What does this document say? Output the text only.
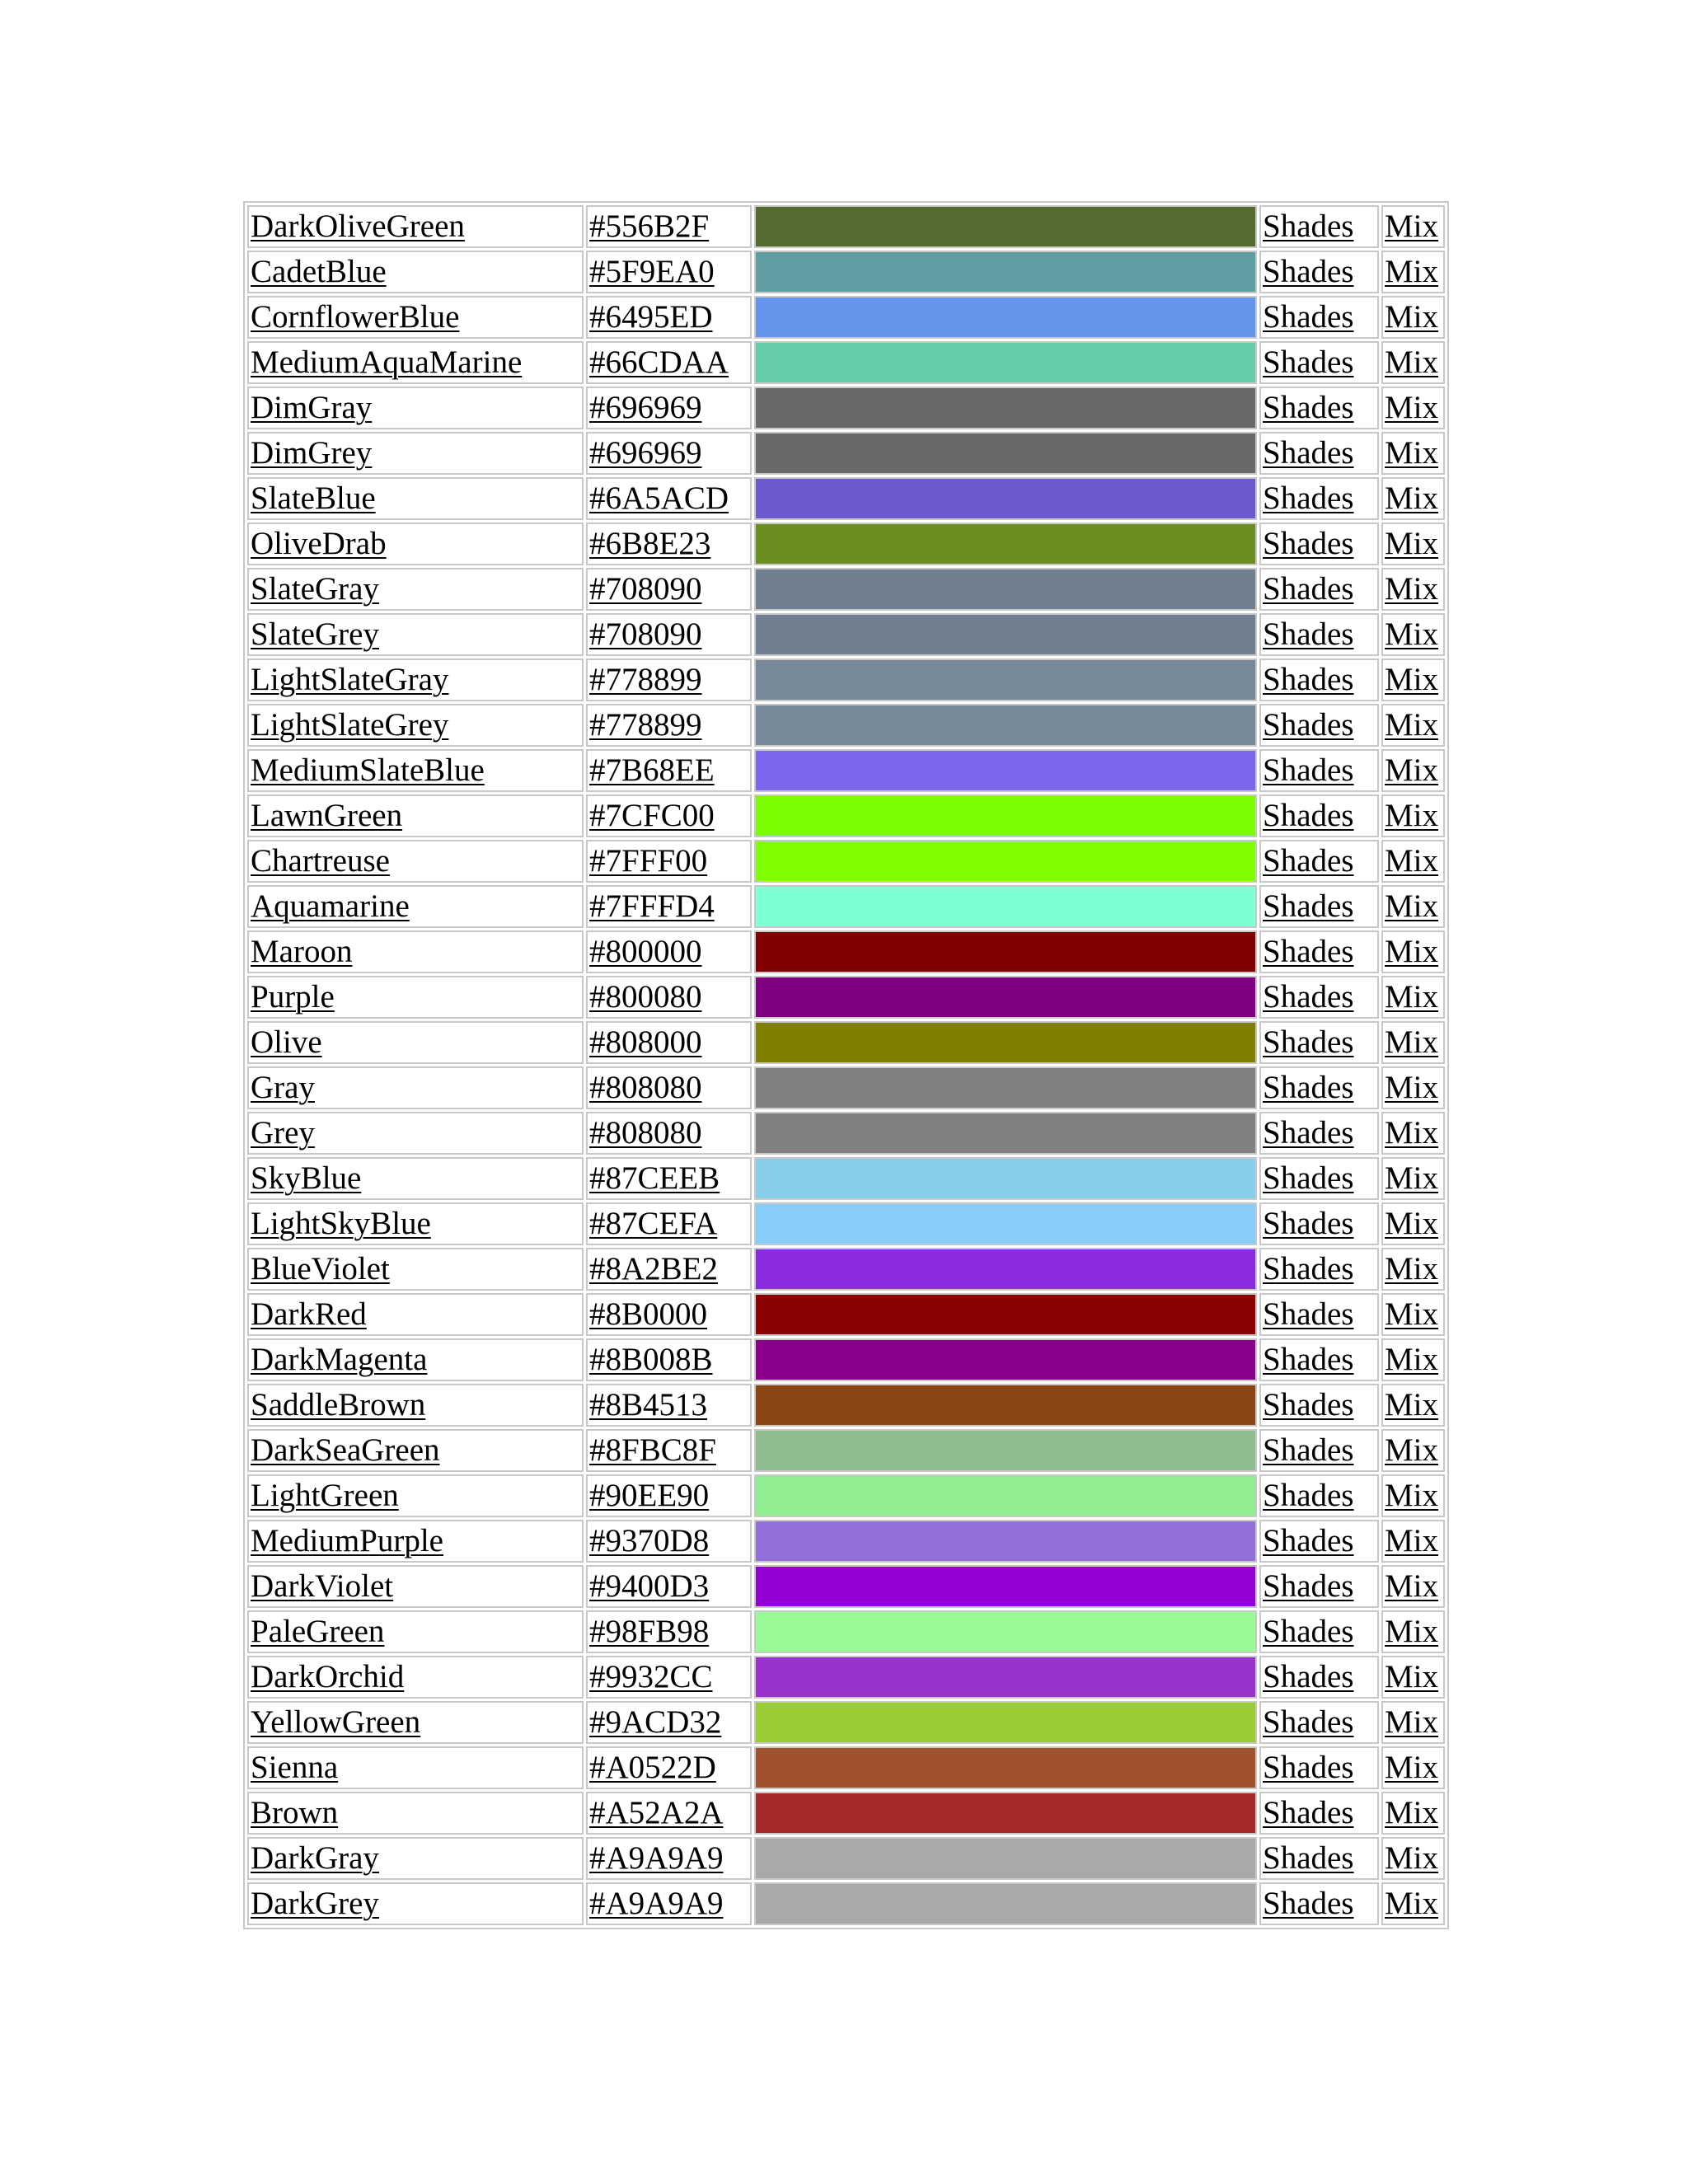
DarkOliveGreen	#556B2F		Shades	Mix
CadetBlue	#5F9EA0		Shades	Mix
CornflowerBlue	#6495ED		Shades	Mix
MediumAquaMarine	#66CDAA		Shades	Mix
DimGray	#696969		Shades	Mix
DimGrey	#696969		Shades	Mix
SlateBlue	#6A5ACD		Shades	Mix
OliveDrab	#6B8E23		Shades	Mix
SlateGray	#708090		Shades	Mix
SlateGrey	#708090		Shades	Mix
LightSlateGray	#778899		Shades	Mix
LightSlateGrey	#778899		Shades	Mix
MediumSlateBlue	#7B68EE		Shades	Mix
LawnGreen	#7CFC00		Shades	Mix
Chartreuse	#7FFF00		Shades	Mix
Aquamarine	#7FFFD4		Shades	Mix
Maroon	#800000		Shades	Mix
Purple	#800080		Shades	Mix
Olive	#808000		Shades	Mix
Gray	#808080		Shades	Mix
Grey	#808080		Shades	Mix
SkyBlue	#87CEEB		Shades	Mix
LightSkyBlue	#87CEFA		Shades	Mix
BlueViolet	#8A2BE2		Shades	Mix
DarkRed	#8B0000		Shades	Mix
DarkMagenta	#8B008B		Shades	Mix
SaddleBrown	#8B4513		Shades	Mix
DarkSeaGreen	#8FBC8F		Shades	Mix
LightGreen	#90EE90		Shades	Mix
MediumPurple	#9370D8		Shades	Mix
DarkViolet	#9400D3		Shades	Mix
PaleGreen	#98FB98		Shades	Mix
DarkOrchid	#9932CC		Shades	Mix
YellowGreen	#9ACD32		Shades	Mix
Sienna	#A0522D		Shades	Mix
Brown	#A52A2A		Shades	Mix
DarkGray	#A9A9A9		Shades	Mix
DarkGrey	#A9A9A9		Shades	Mix
